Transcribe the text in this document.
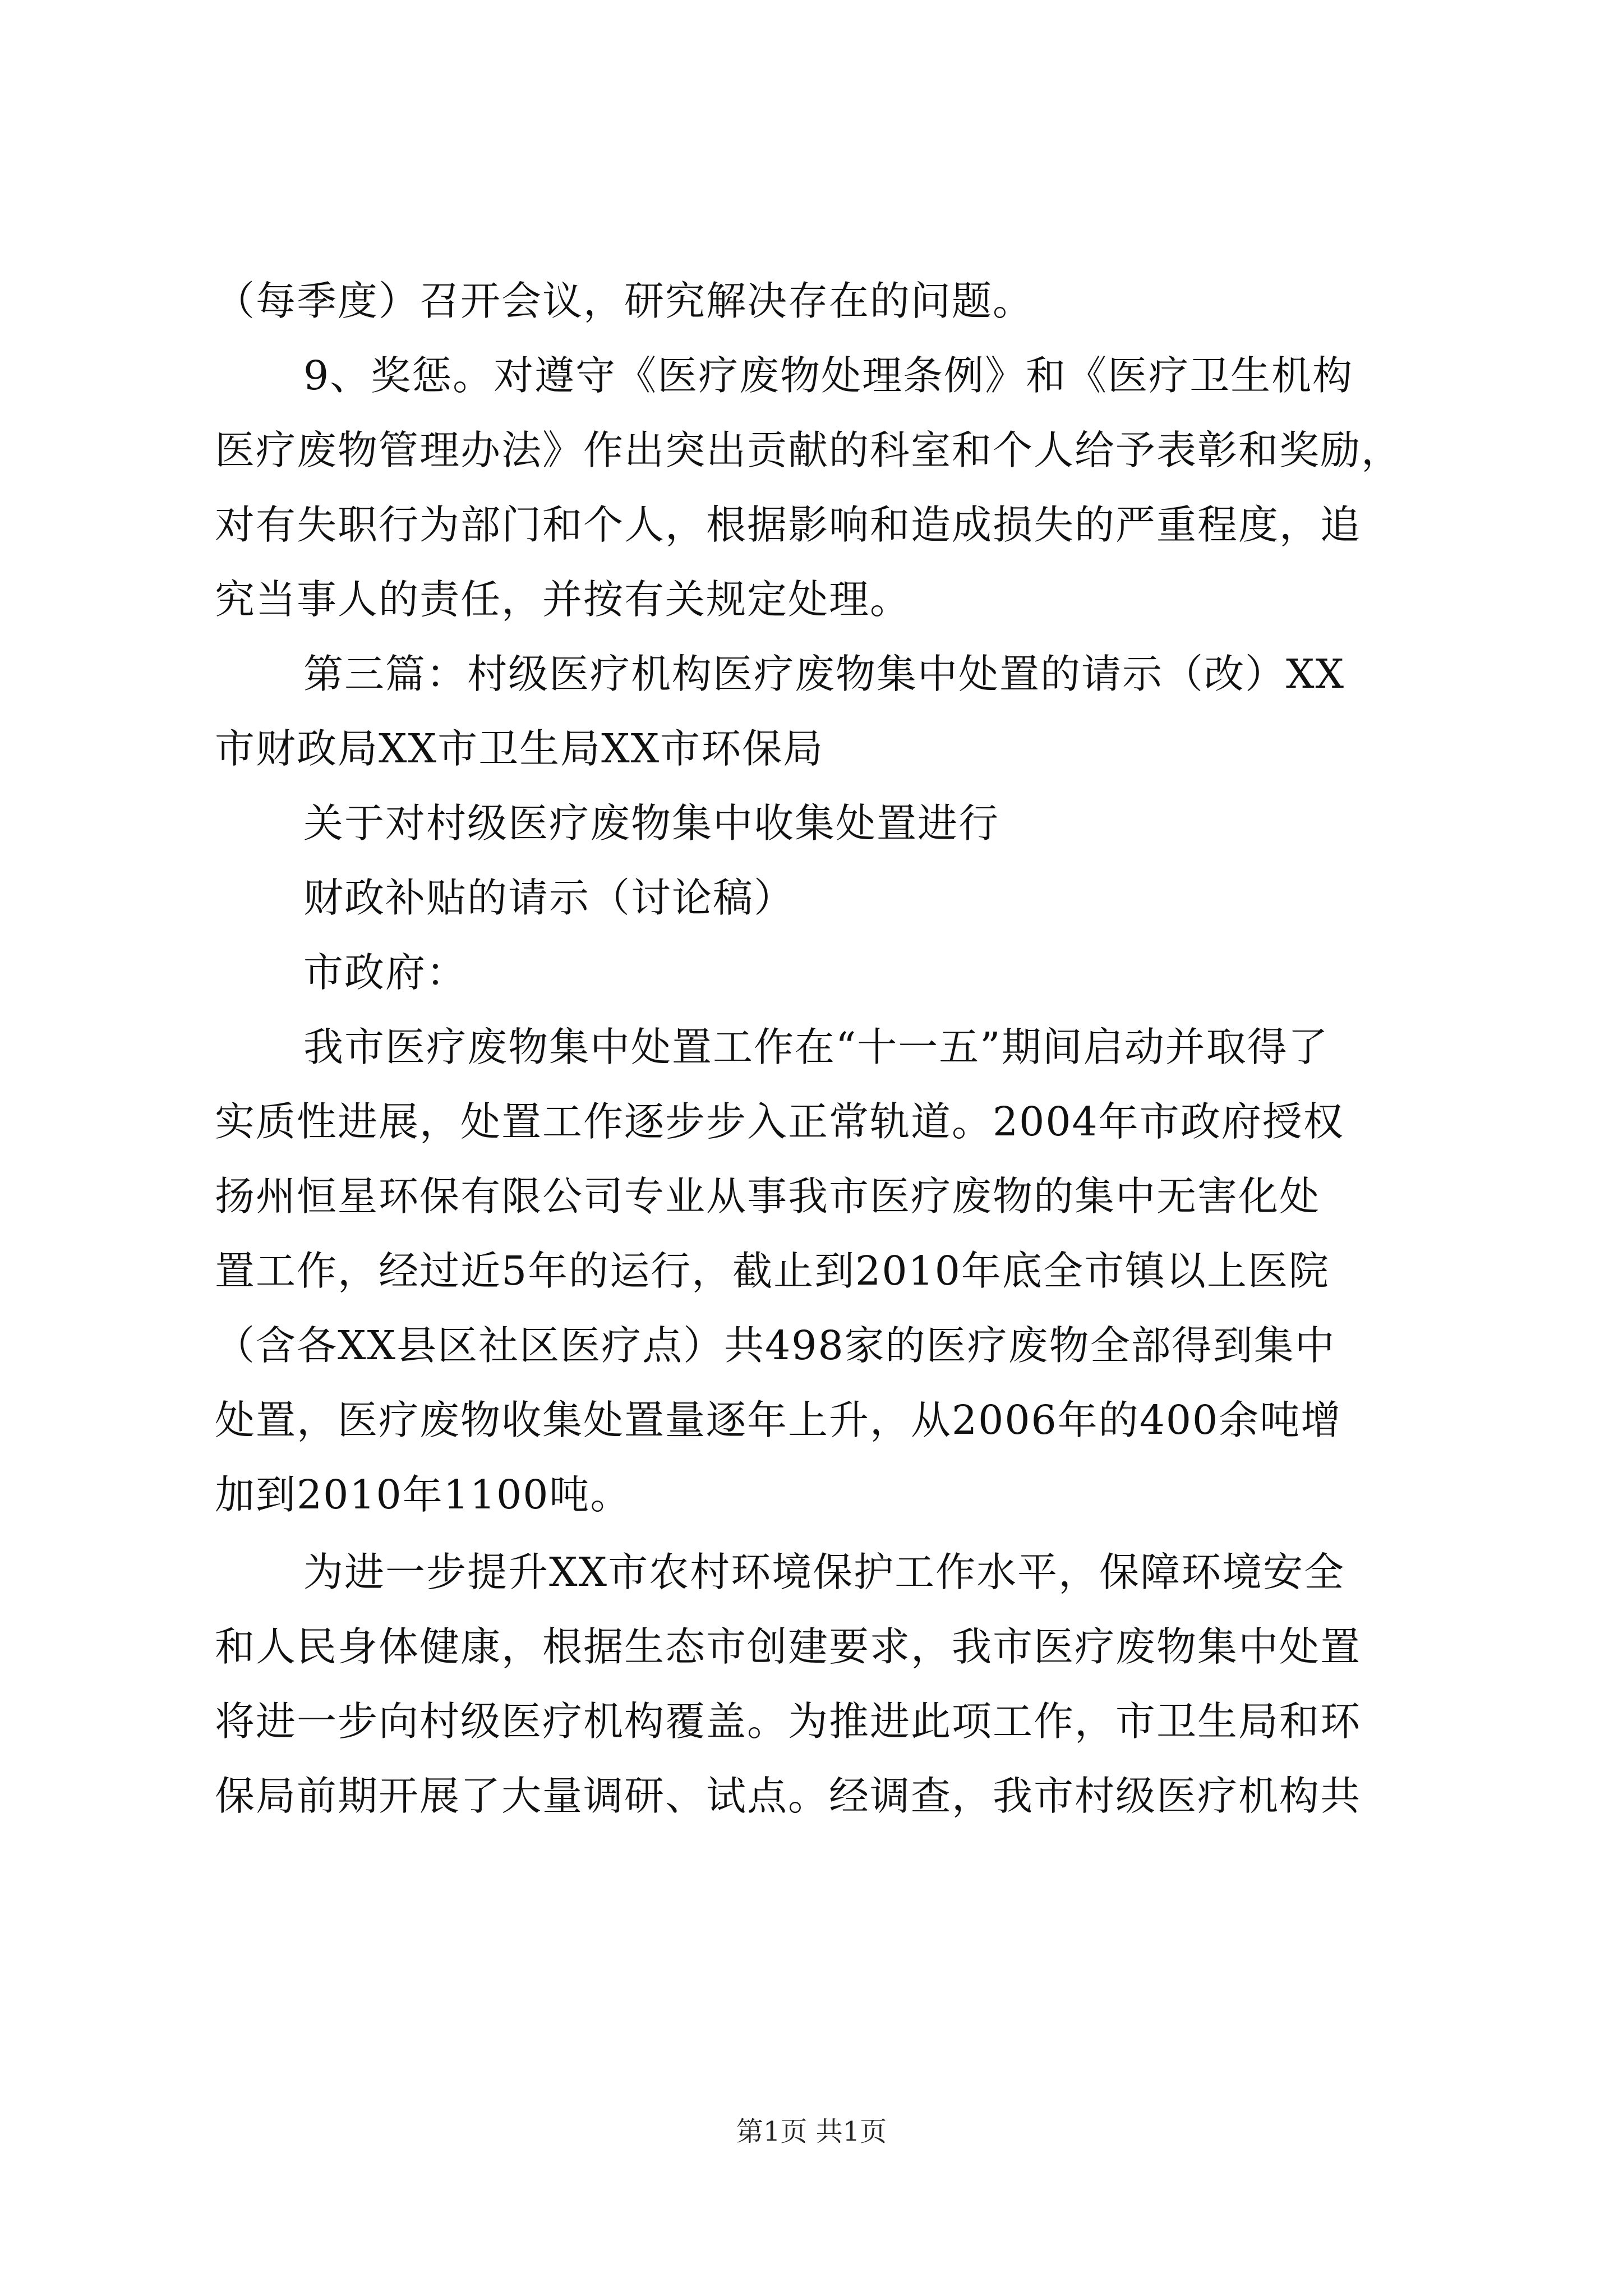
（每季度）召开会议，研究解决存在的问题。
9、奖惩。对遵守《医疗废物处理条例》和《医疗卫生机构
医疗废物管理办法》作出突出贡献的科室和个人给予表彰和奖励，
对有失职行为部门和个人，根据影响和造成损失的严重程度，追
究当事人的责任，并按有关规定处理。
第三篇：村级医疗机构医疗废物集中处置的请示（改）XX
市财政局XX市卫生局XX市环保局
关于对村级医疗废物集中收集处置进行
财政补贴的请示（讨论稿）
市政府：
我市医疗废物集中处置工作在“十一五”期间启动并取得了
实质性进展，处置工作逐步步入正常轨道。2004年市政府授权
扬州恒星环保有限公司专业从事我市医疗废物的集中无害化处
置工作，经过近5年的运行，截止到2010年底全市镇以上医院
（含各XX县区社区医疗点）共498家的医疗废物全部得到集中
处置，医疗废物收集处置量逐年上升，从2006年的400余吨增
加到2010年1100吨。
为进一步提升XX市农村环境保护工作水平，保障环境安全
和人民身体健康，根据生态市创建要求，我市医疗废物集中处置
将进一步向村级医疗机构覆盖。为推进此项工作，市卫生局和环
保局前期开展了大量调研、试点。经调查，我市村级医疗机构共
第1页 共1页
